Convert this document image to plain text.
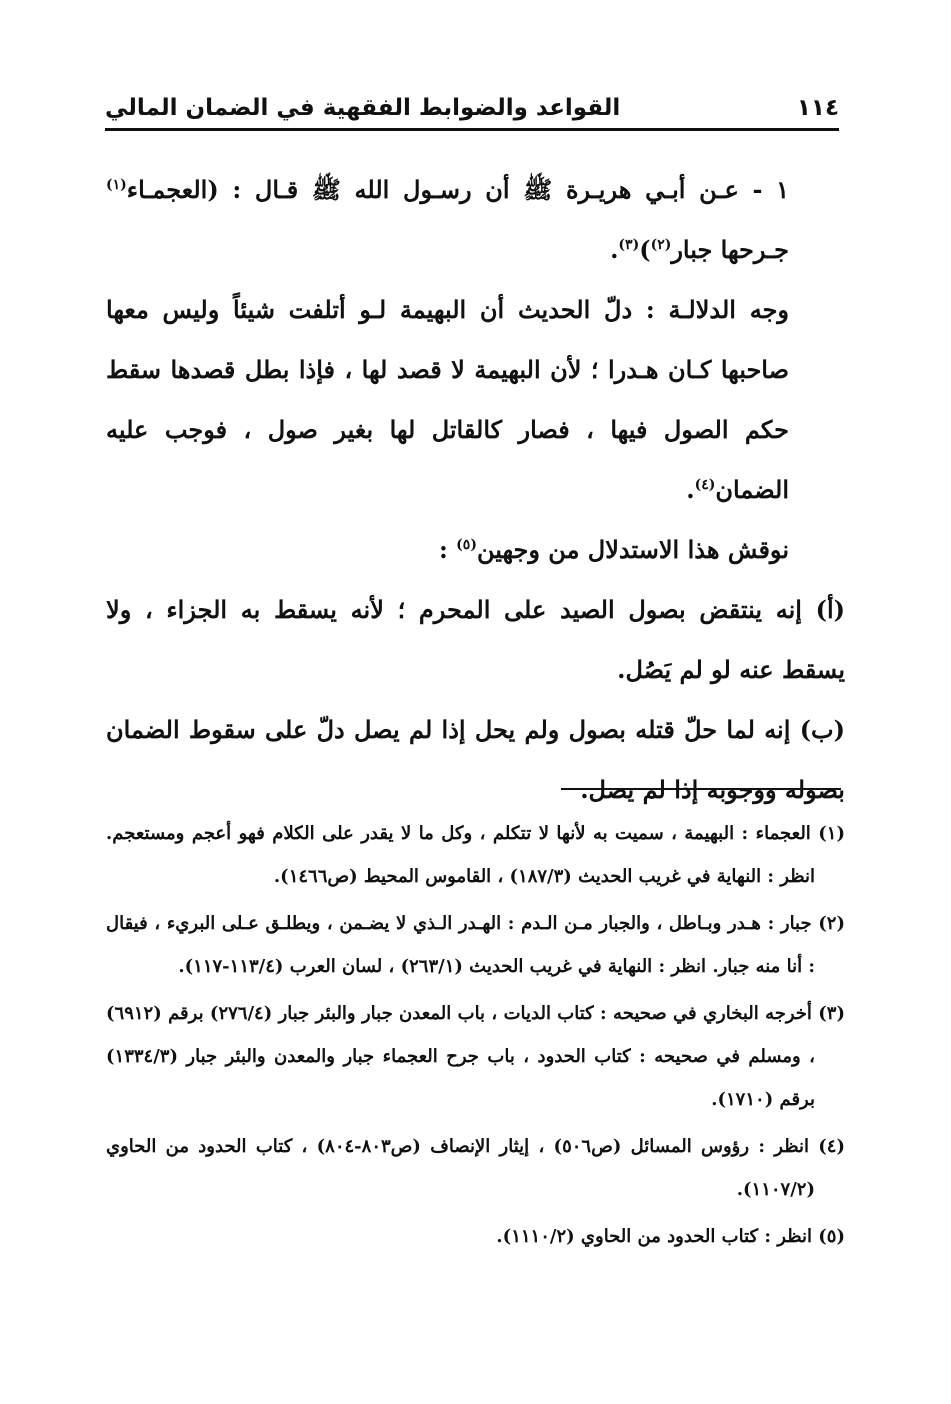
١١٤
القواعد والضوابط الفقهية في الضمان المالي

١ - عـن أبـي هريـرة ﷺ أن رسـول الله ﷺ قـال : (العجمـاء$^{(١)}$ جـرحها جبار$^{(٢)}$)$^{(٣)}$.

وجه الدلالـة : دلّ الحديث أن البهيمة لـو أتلفت شيئاً وليس معها صاحبها كـان هـدرا ؛ لأن البهيمة لا قصد لها ، فإذا بطل قصدها سقط حكم الصول فيها ، فصار كالقاتل لها بغير صول ، فوجب عليه الضمان$^{(٤)}$.

نوقش هذا الاستدلال من وجهين$^{(٥)}$ :

(أ) إنه ينتقض بصول الصيد على المحرم ؛ لأنه يسقط به الجزاء ، ولا يسقط عنه لو لم يَصُل.

(ب) إنه لما حلّ قتله بصول ولم يحل إذا لم يصل دلّ على سقوط الضمان بصوله ووجوبه إذا لم يصل.

(١) العجماء : البهيمة ، سميت به لأنها لا تتكلم ، وكل ما لا يقدر على الكلام فهو أعجم ومستعجم. انظر : النهاية في غريب الحديث (١٨٧/٣) ، القاموس المحيط (ص١٤٦٦).

(٢) جبار : هـدر وبـاطل ، والجبار مـن الـدم : الهـدر الـذي لا يضـمن ، ويطلـق عـلى البريء ، فيقال : أنا منه جبار. انظر : النهاية في غريب الحديث (٢٦٣/١) ، لسان العرب (١١٣/٤-١١٧).

(٣) أخرجه البخاري في صحيحه : كتاب الديات ، باب المعدن جبار والبئر جبار (٢٧٦/٤) برقم (٦٩١٢) ، ومسلم في صحيحه : كتاب الحدود ، باب جرح العجماء جبار والمعدن والبئر جبار (١٣٣٤/٣) برقم (١٧١٠).

(٤) انظر : رؤوس المسائل (ص٥٠٦) ، إيثار الإنصاف (ص٨٠٣-٨٠٤) ، كتاب الحدود من الحاوي (١١٠٧/٢).

(٥) انظر : كتاب الحدود من الحاوي (١١١٠/٢).
